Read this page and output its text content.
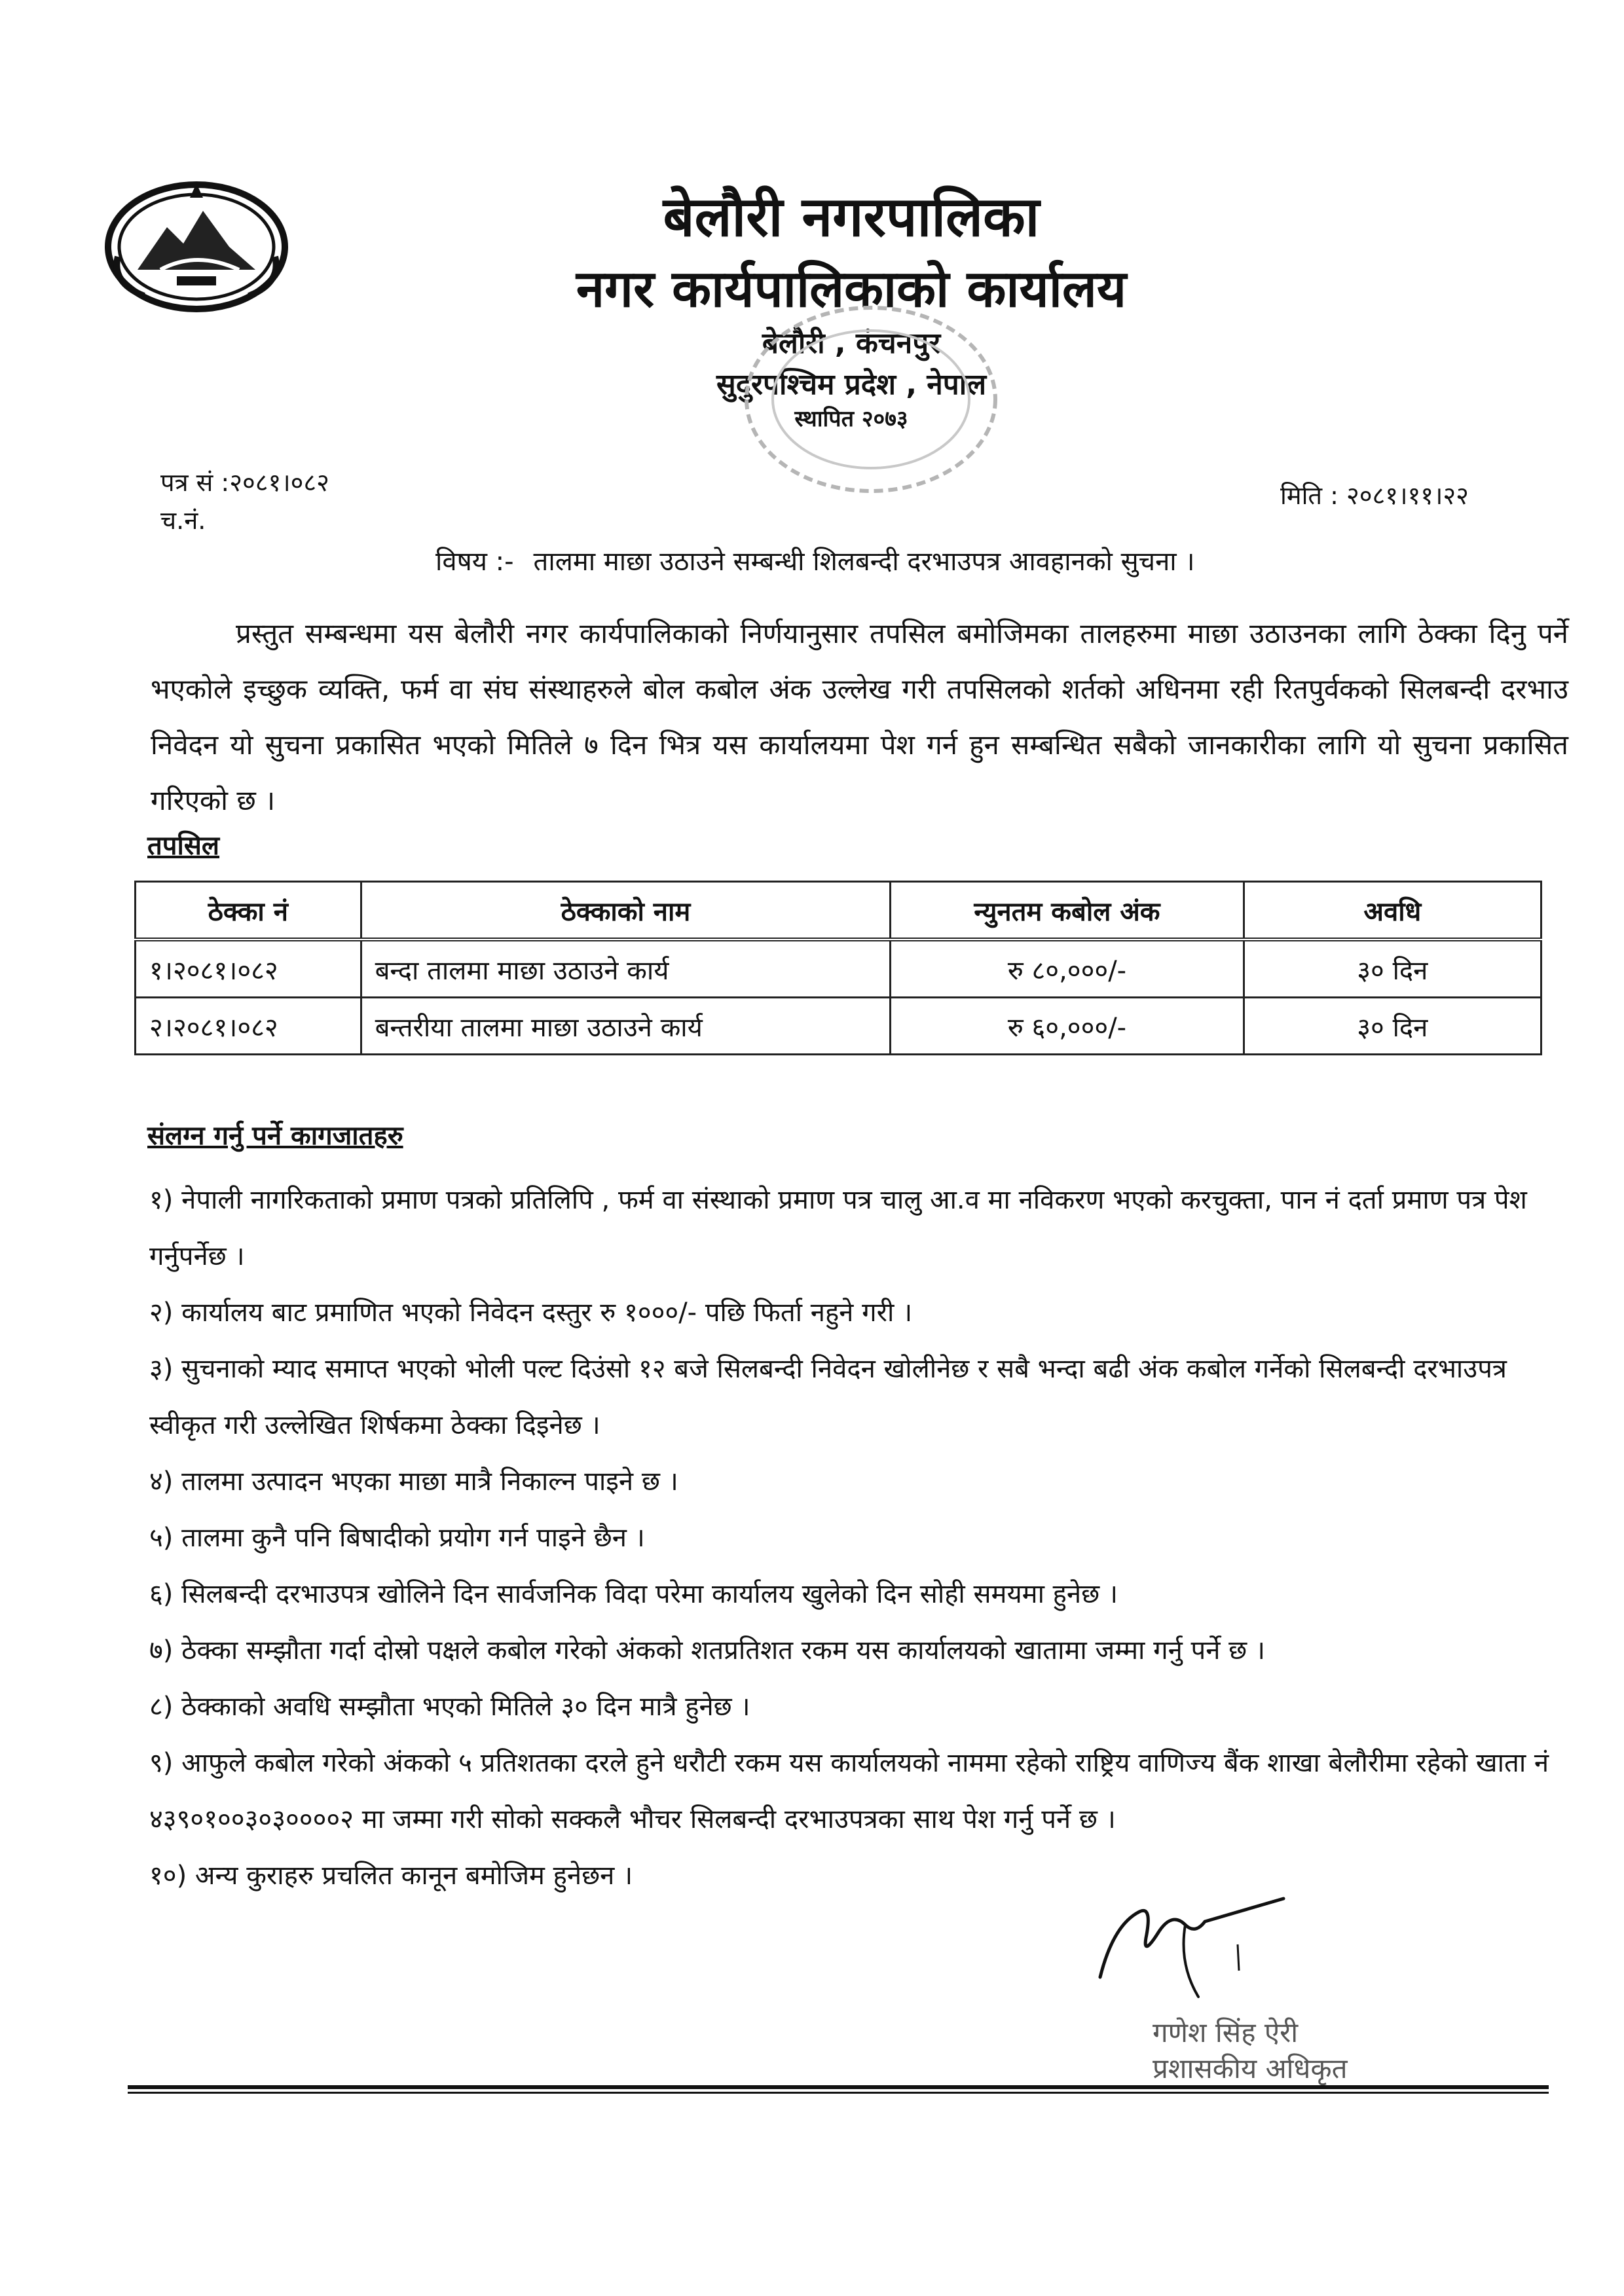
बेलौरी नगरपालिका
नगर कार्यपालिकाको कार्यालय
बेलौरी , कंचनपुर
सुदुरपश्चिम प्रदेश , नेपाल
स्थापित २०७३
पत्र सं :२०८१।०८२
च.नं.
मिति : २०८१।११।२२
विषय :- तालमा माछा उठाउने सम्बन्धी शिलबन्दी दरभाउपत्र आवहानको सुचना ।

प्रस्तुत सम्बन्धमा यस बेलौरी नगर कार्यपालिकाको निर्णयानुसार तपसिल बमोजिमका तालहरुमा माछा उठाउनका लागि ठेक्का दिनु पर्ने भएकोले इच्छुक व्यक्ति, फर्म वा संघ संस्थाहरुले बोल कबोल अंक उल्लेख गरी तपसिलको शर्तको अधिनमा रही रितपुर्वकको सिलबन्दी दरभाउ निवेदन यो सुचना प्रकासित भएको मितिले ७ दिन भित्र यस कार्यालयमा पेश गर्न हुन सम्बन्धित सबैको जानकारीका लागि यो सुचना प्रकासित गरिएको छ ।

तपसिल
ठेक्का नं	ठेक्काको नाम	न्युनतम कबोल अंक	अवधि
१।२०८१।०८२	बन्दा तालमा माछा उठाउने कार्य	रु ८०,०००/-	३० दिन
२।२०८१।०८२	बन्तरीया तालमा माछा उठाउने कार्य	रु ६०,०००/-	३० दिन
संलग्न गर्नु पर्ने कागजातहरु
१) नेपाली नागरिकताको प्रमाण पत्रको प्रतिलिपि , फर्म वा संस्थाको प्रमाण पत्र चालु आ.व मा नविकरण भएको करचुक्ता, पान नं दर्ता प्रमाण पत्र पेश गर्नुपर्नेछ ।
२) कार्यालय बाट प्रमाणित भएको निवेदन दस्तुर रु १०००/- पछि फिर्ता नहुने गरी ।
३) सुचनाको म्याद समाप्त भएको भोली पल्ट दिउंसो १२ बजे सिलबन्दी निवेदन खोलीनेछ र सबै भन्दा बढी अंक कबोल गर्नेको सिलबन्दी दरभाउपत्र स्वीकृत गरी उल्लेखित शिर्षकमा ठेक्का दिइनेछ ।
४) तालमा उत्पादन भएका माछा मात्रै निकाल्न पाइने छ ।
५) तालमा कुनै पनि बिषादीको प्रयोग गर्न पाइने छैन ।
६) सिलबन्दी दरभाउपत्र खोलिने दिन सार्वजनिक विदा परेमा कार्यालय खुलेको दिन सोही समयमा हुनेछ ।
७) ठेक्का सम्झौता गर्दा दोस्रो पक्षले कबोल गरेको अंकको शतप्रतिशत रकम यस कार्यालयको खातामा जम्मा गर्नु पर्ने छ ।
८) ठेक्काको अवधि सम्झौता भएको मितिले ३० दिन मात्रै हुनेछ ।
९) आफुले कबोल गरेको अंकको ५ प्रतिशतका दरले हुने धरौटी रकम यस कार्यालयको नाममा रहेको राष्ट्रिय वाणिज्य बैंक शाखा बेलौरीमा रहेको खाता नं ४३९०१००३०३००००२ मा जम्मा गरी सोको सक्कलै भौचर सिलबन्दी दरभाउपत्रका साथ पेश गर्नु पर्ने छ ।
१०) अन्य कुराहरु प्रचलित कानून बमोजिम हुनेछन ।
गणेश सिंह ऐरी
प्रशासकीय अधिकृत
